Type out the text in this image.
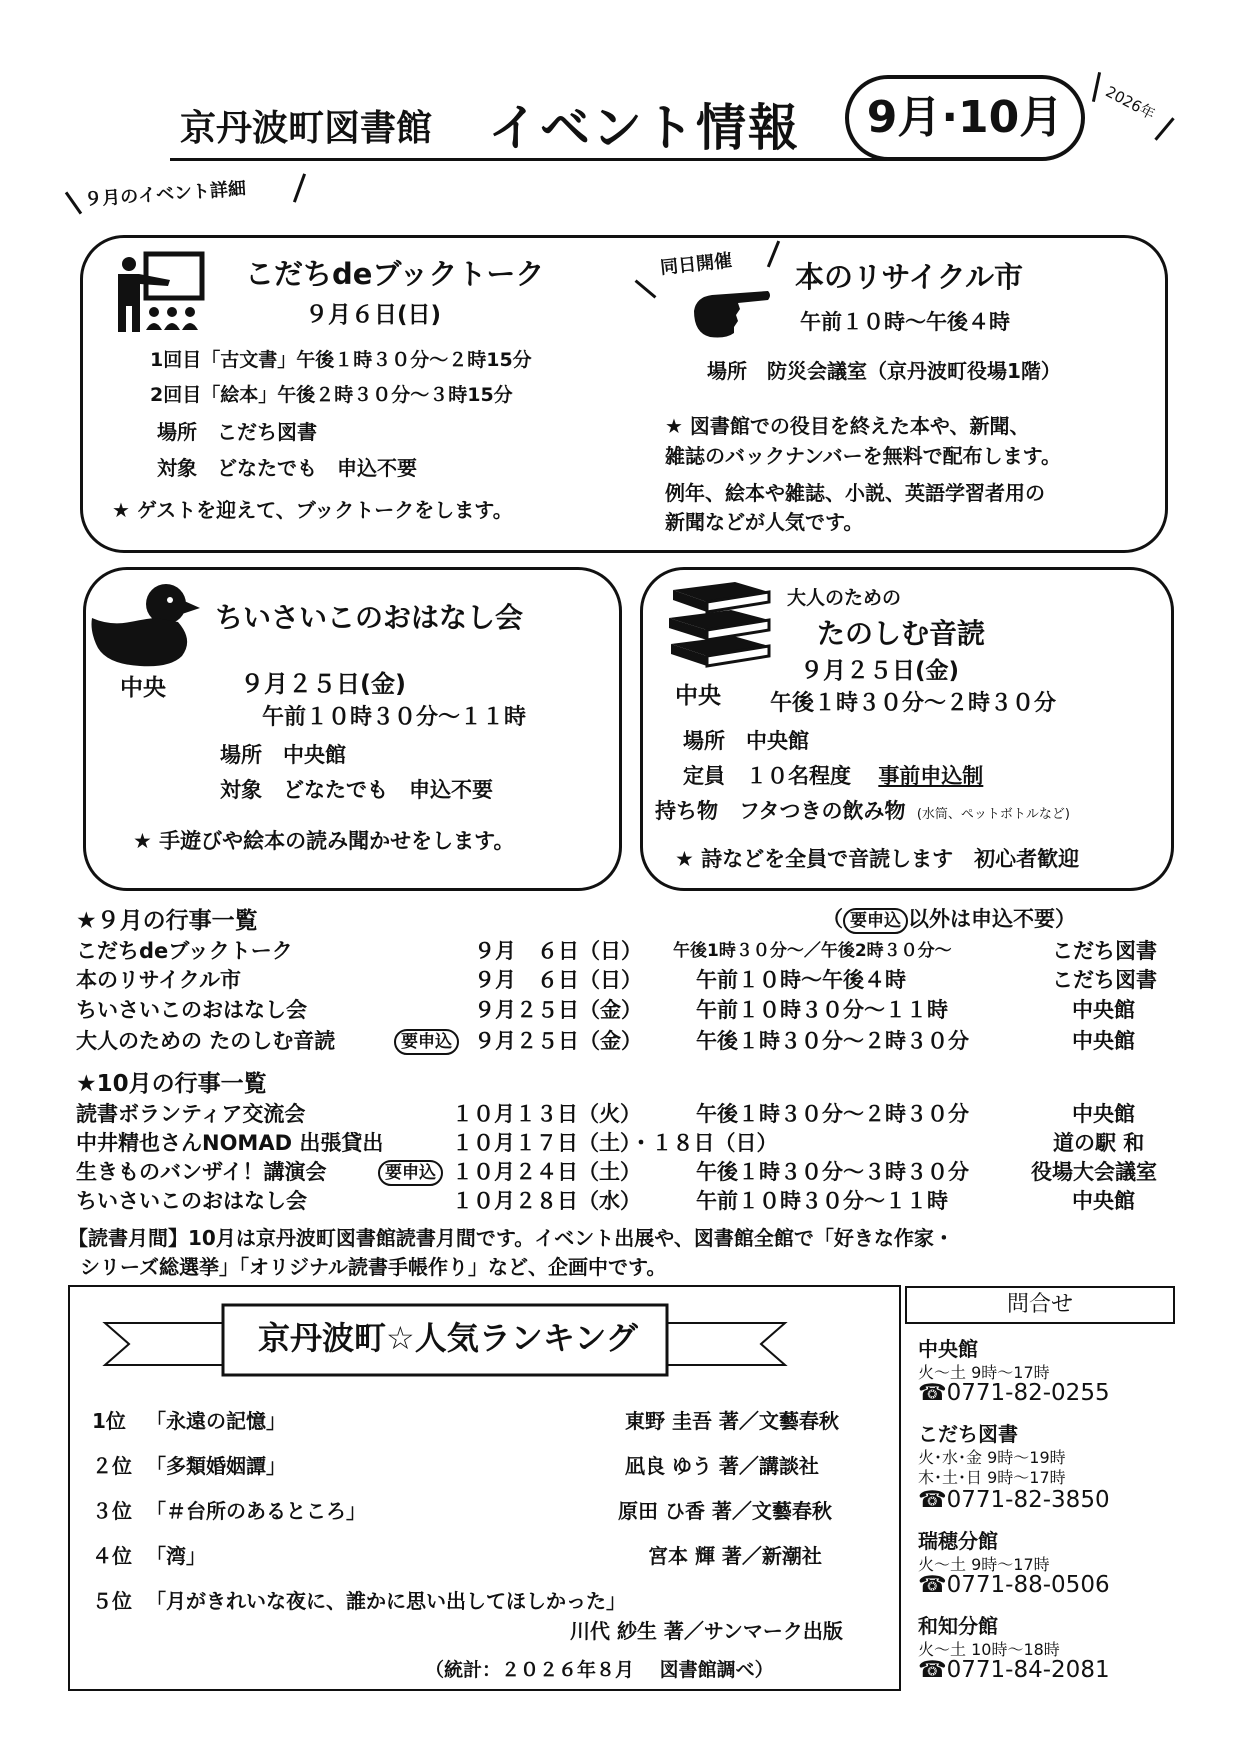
京丹波町図書館 イベント情報	9月·10月	2026年
９月のイベント詳細
こだちdeブックトーク
９月６日(日)
1回目「古文書」午後１時３０分～２時15分
2回目「絵本」午後２時３０分～３時15分
場所　こだち図書
対象　どなたでも　申込不要
★ ゲストを迎えて、ブックトークをします。
同日開催 本のリサイクル市
午前１０時～午後４時
場所　防災会議室（京丹波町役場1階）
★ 図書館での役目を終えた本や、新聞、
雑誌のバックナンバーを無料で配布します。
例年、絵本や雑誌、小説、英語学習者用の
新聞などが人気です。
ちいさいこのおはなし会
中央	９月２５日(金)
午前１０時３０分～１１時
場所　中央館
対象　どなたでも　申込不要
★ 手遊びや絵本の読み聞かせをします。
大人のための
たのしむ音読
９月２５日(金)
中央 午後１時３０分～２時３０分
場所　中央館
定員　１０名程度 事前申込制
持ち物　フタつきの飲み物 (水筒、ペットボトルなど)
★ 詩などを全員で音読します　初心者歓迎
★９月の行事一覧	（ 要申込 以外は申込不要）
こだちdeブックトーク	９月　６日（日） 午後1時３０分～／午後2時３０分～	こだち図書
本のリサイクル市	９月　６日（日）	午前１０時～午後４時	こだち図書
ちいさいこのおはなし会	９月２５日（金）	午前１０時３０分～１１時	中央館
大人のための たのしむ音読	要申込	９月２５日（金）	午後１時３０分～２時３０分	中央館
★10月の行事一覧
読書ボランティア交流会	１０月１３日（火）	午後１時３０分～２時３０分	中央館
中井精也さんNOMAD 出張貸出	１０月１７日（土）・１８日（日）	道の駅 和
生きものバンザイ！講演会	要申込 １０月２４日（土）	午後１時３０分～３時３０分	役場大会議室
ちいさいこのおはなし会	１０月２８日（水）	午前１０時３０分～１１時	中央館
【読書月間】10月は京丹波町図書館読書月間です。イベント出展や、図書館全館で「好きな作家・
シリーズ総選挙」「オリジナル読書手帳作り」など、企画中です。
京丹波町☆人気ランキング
1位 「永遠の記憶」	東野 圭吾 著／文藝春秋
２位 「多類婚姻譚」	凪良 ゆう 著／講談社
３位 「＃台所のあるところ」	原田 ひ香 著／文藝春秋
４位 「湾」	宮本 輝 著／新潮社
５位 「月がきれいな夜に、誰かに思い出してほしかった」
川代 紗生 著／サンマーク出版
（統計：２０２６年８月　 図書館調べ）
問合せ
中央館
火～土 9時～17時
☎0771-82-0255
こだち図書
火･水･金 9時～19時
木･土･日 9時～17時
☎0771-82-3850
瑞穂分館
火～土 9時～17時
☎0771-88-0506
和知分館
火～土 10時～18時
☎0771-84-2081
